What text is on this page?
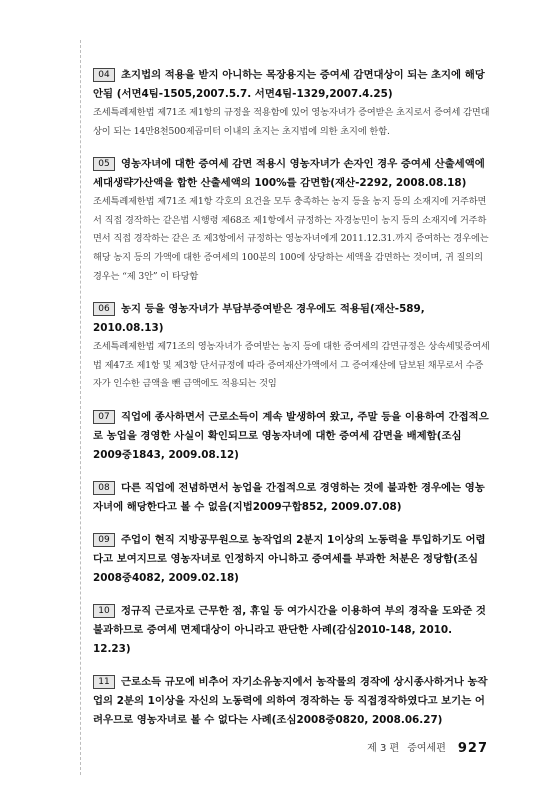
04 초지법의 적용을 받지 아니하는 목장용지는 증여세 감면대상이 되는 초지에 해당안됨 (서면4팀-1505,2007.5.7. 서면4팀-1329,2007.4.25)
조세특례제한법 제71조 제1항의 규정을 적용함에 있어 영농자녀가 증여받은 초지로서 증여세 감면대상이 되는 14만8천500제곱미터 이내의 초지는 초지법에 의한 초지에 한함.
05 영농자녀에 대한 증여세 감면 적용시 영농자녀가 손자인 경우 증여세 산출세액에 세대생략가산액을 합한 산출세액의 100%를 감면함(재산-2292, 2008.08.18)
조세특례제한법 제71조 제1항 각호의 요건을 모두 충족하는 농지 등을 농지 등의 소재지에 거주하면서 직접 경작하는 같은법 시행령 제68조 제1항에서 규정하는 자경농민이 농지 등의 소재지에 거주하면서 직접 경작하는 같은 조 제3항에서 규정하는 영농자녀에게 2011.12.31.까지 증여하는 경우에는 해당 농지 등의 가액에 대한 증여세의 100분의 100에 상당하는 세액을 감면하는 것이며, 귀 질의의 경우는 “제 3안” 이 타당함
06 농지 등을 영농자녀가 부담부증여받은 경우에도 적용됨(재산-589, 2010.08.13)
조세특례제한법 제71조의 영농자녀가 증여받는 농지 등에 대한 증여세의 감면규정은 상속세및증여세법 제47조 제1항 및 제3항 단서규정에 따라 증여재산가액에서 그 증여재산에 담보된 채무로서 수증자가 인수한 금액을 뺀 금액에도 적용되는 것임
07 직업에 종사하면서 근로소득이 계속 발생하여 왔고, 주말 등을 이용하여 간접적으로 농업을 경영한 사실이 확인되므로 영농자녀에 대한 증여세 감면을 배제함(조심2009중1843, 2009.08.12)
08 다른 직업에 전념하면서 농업을 간접적으로 경영하는 것에 불과한 경우에는 영농자녀에 해당한다고 볼 수 없음(지법2009구합852, 2009.07.08)
09 주업이 현직 지방공무원으로 농작업의 2분지 1이상의 노동력을 투입하기도 어렵다고 보여지므로 영농자녀로 인정하지 아니하고 증여세를 부과한 처분은 정당함(조심2008중4082, 2009.02.18)
10 정규직 근로자로 근무한 점, 휴일 등 여가시간을 이용하여 부의 경작을 도와준 것불과하므로 증여세 면제대상이 아니라고 판단한 사례(감심2010-148, 2010. 12.23)
11 근로소득 규모에 비추어 자기소유농지에서 농작물의 경작에 상시종사하거나 농작업의 2분의 1이상을 자신의 노동력에 의하여 경작하는 등 직접경작하였다고 보기는 어려우므로 영농자녀로 볼 수 없다는 사례(조심2008중0820, 2008.06.27)
제 3 편 증여세편 927
